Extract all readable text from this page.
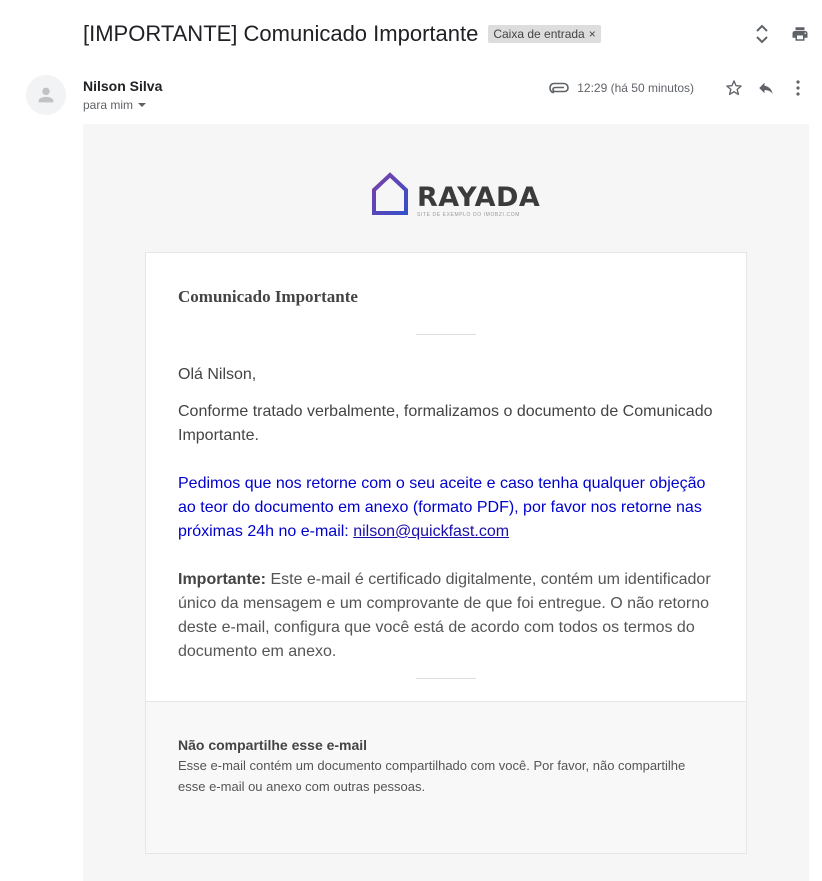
[IMPORTANTE] Comunicado Importante Caixa de entrada ×
Nilson Silva
para mim
12:29 (há 50 minutos)
RAYADA
SITE DE EXEMPLO DO IMOBZI.COM
Comunicado Importante

Olá Nilson,

Conforme tratado verbalmente, formalizamos o documento de Comunicado Importante.

Pedimos que nos retorne com o seu aceite e caso tenha qualquer objeção ao teor do documento em anexo (formato PDF), por favor nos retorne nas próximas 24h no e-mail: nilson@quickfast.com

Importante: Este e-mail é certificado digitalmente, contém um identificador único da mensagem e um comprovante de que foi entregue. O não retorno deste e-mail, configura que você está de acordo com todos os termos do documento em anexo.

Não compartilhe esse e-mail
Esse e-mail contém um documento compartilhado com você. Por favor, não compartilhe esse e-mail ou anexo com outras pessoas.
